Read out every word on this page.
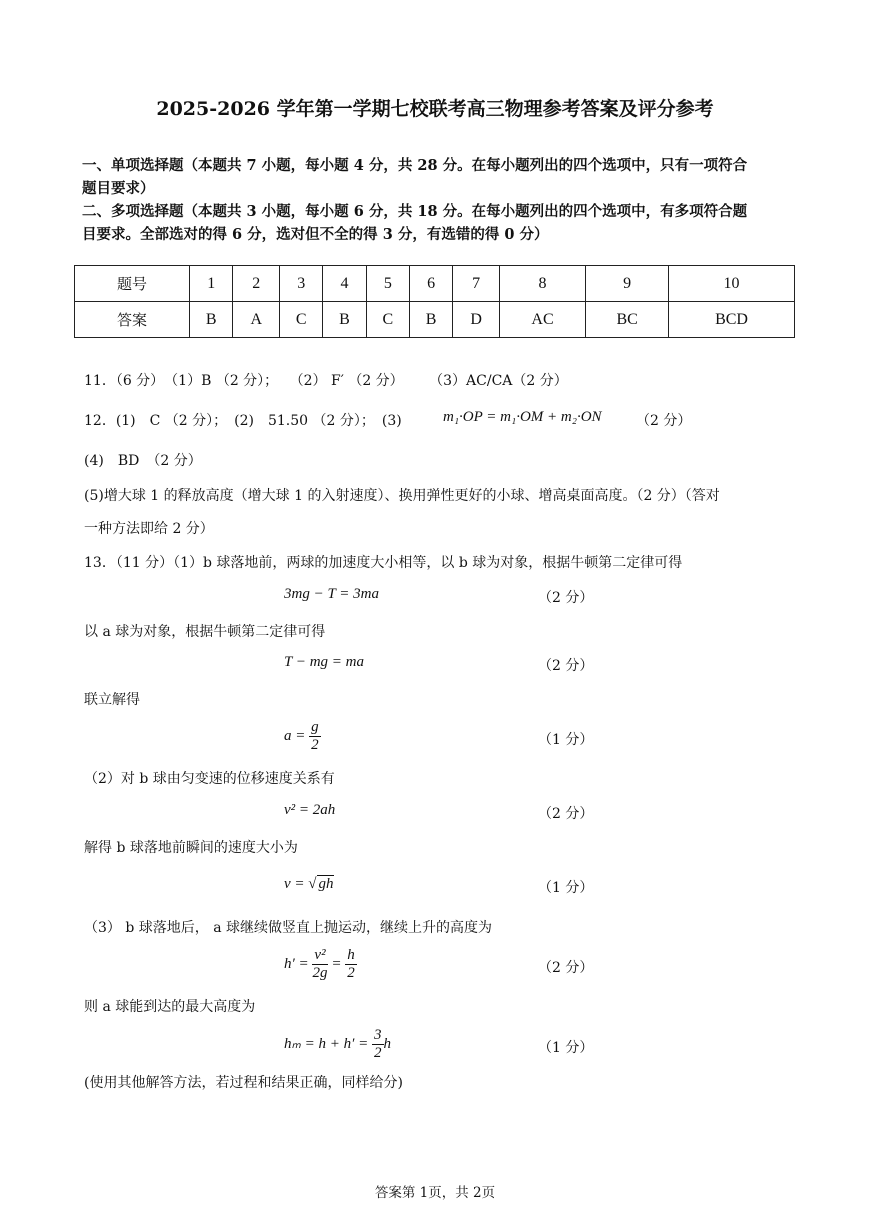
2025-2026 学年第一学期七校联考高三物理参考答案及评分参考
一、单项选择题（本题共 7 小题，每小题 4 分，共 28 分。在每小题列出的四个选项中，只有一项符合
题目要求）
二、多项选择题（本题共 3 小题，每小题 6 分，共 18 分。在每小题列出的四个选项中，有多项符合题
目要求。全部选对的得 6 分，选对但不全的得 3 分，有选错的得 0 分）
题号	1	2	3	4	5	6	7	8	9	10
答案	B	A	C	B	C	B	D	AC	BC	BCD
11．（6 分）　（1）B （2 分）；　 （2） F′ （2 分）　　 （3）AC/CA（2 分）
12．(1)　C （2 分）；　(2)　51.50 （2 分）；　(3)	m₁·OP = m₁·OM + m₂·ON （2 分）
(4)　BD　（2 分）
(5)增大球 1 的释放高度（增大球 1 的入射速度）、换用弹性更好的小球、增高桌面高度。（2 分）（答对
一种方法即给 2 分）
13．（11 分）（1）b 球落地前，两球的加速度大小相等，以 b 球为对象，根据牛顿第二定律可得
3mg − T = 3ma	（2 分）
以 a 球为对象，根据牛顿第二定律可得
T − mg = ma	（2 分）
联立解得
$a = \frac{g}{2}$	（1 分）
（2）对 b 球由匀变速的位移速度关系有
v² = 2ah	（2 分）
解得 b 球落地前瞬间的速度大小为
v = √ gh	（1 分）
（3） b 球落地后， a 球继续做竖直上抛运动，继续上升的高度为
$h' = \frac{\text{v²}}{2g} = \frac{h}{2}$	（2 分）
则 a 球能到达的最大高度为
$h_m = h + h' = \frac{3}{2}$ h	（1 分）
(使用其他解答方法，若过程和结果正确，同样给分)
答案第 1页，共 2页
